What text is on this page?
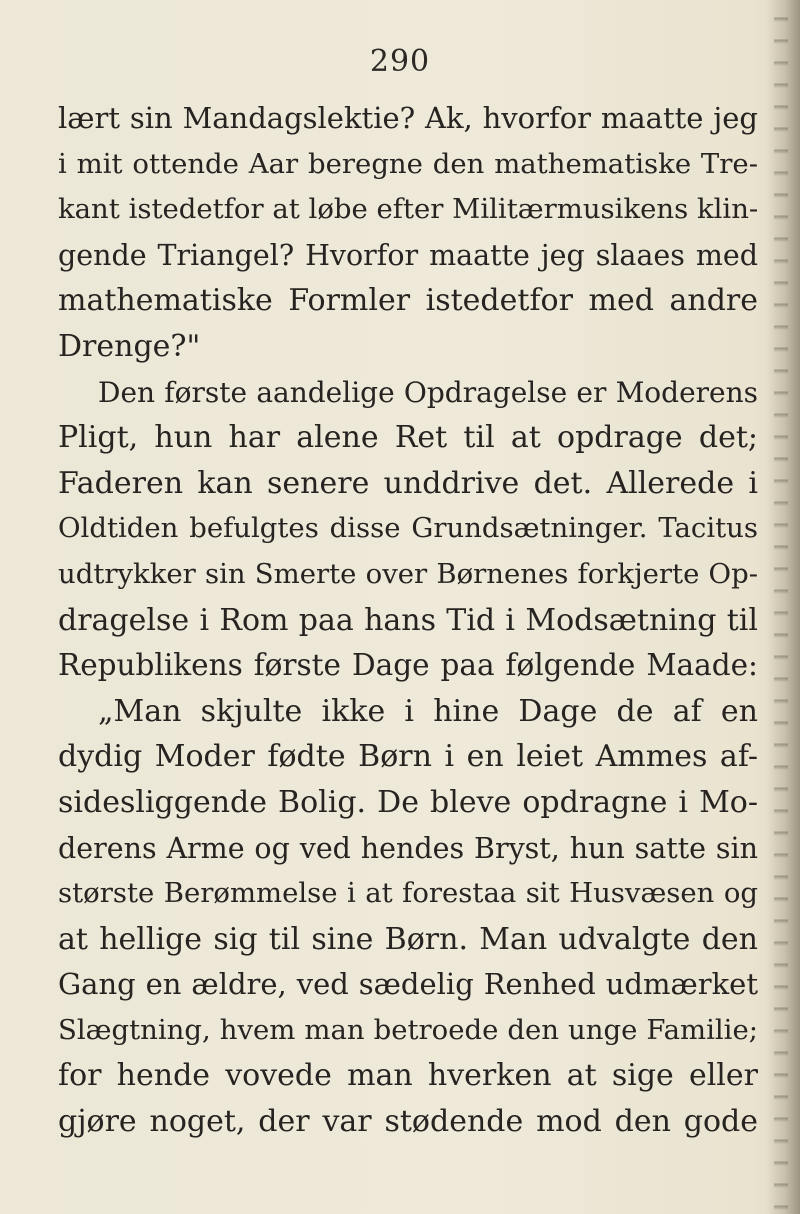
290
lært sin Mandagslektie? Ak, hvorfor maatte jeg
i mit ottende Aar beregne den mathematiske Tre-
kant istedetfor at løbe efter Militærmusikens klin-
gende Triangel? Hvorfor maatte jeg slaaes med
mathematiske Formler istedetfor med andre
Drenge?"
Den første aandelige Opdragelse er Moderens
Pligt, hun har alene Ret til at opdrage det;
Faderen kan senere unddrive det. Allerede i
Oldtiden befulgtes disse Grundsætninger. Tacitus
udtrykker sin Smerte over Børnenes forkjerte Op-
dragelse i Rom paa hans Tid i Modsætning til
Republikens første Dage paa følgende Maade:
„Man skjulte ikke i hine Dage de af en
dydig Moder fødte Børn i en leiet Ammes af-
sidesliggende Bolig. De bleve opdragne i Mo-
derens Arme og ved hendes Bryst, hun satte sin
største Berømmelse i at forestaa sit Husvæsen og
at hellige sig til sine Børn. Man udvalgte den
Gang en ældre, ved sædelig Renhed udmærket
Slægtning, hvem man betroede den unge Familie;
for hende vovede man hverken at sige eller
gjøre noget, der var stødende mod den gode
